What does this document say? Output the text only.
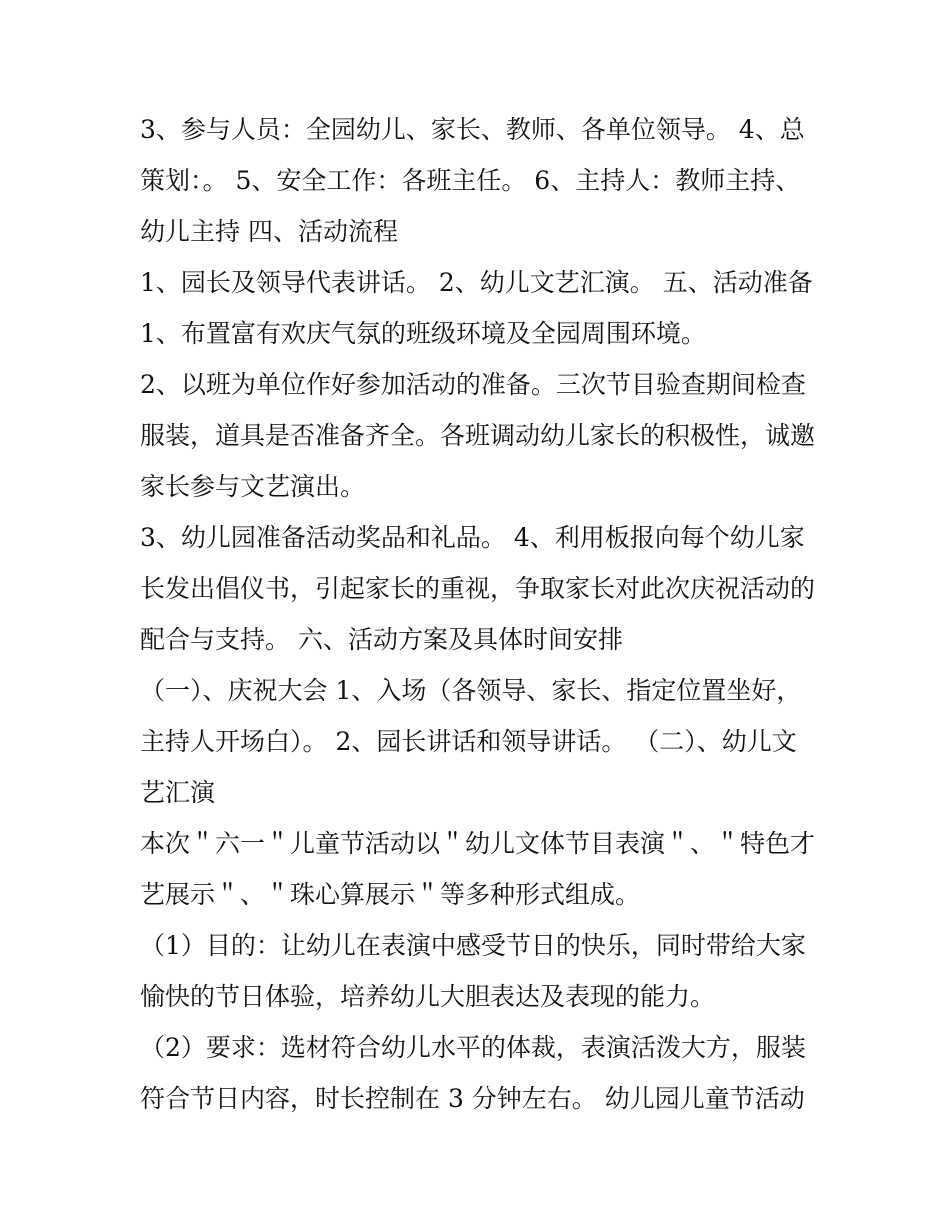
3、参与人员：全园幼儿、家长、教师、各单位领导。 4、总策划：。 5、安全工作：各班主任。 6、主持人：教师主持、幼儿主持 四、活动流程

1、园长及领导代表讲话。 2、幼儿文艺汇演。 五、活动准备

1、布置富有欢庆气氛的班级环境及全园周围环境。

2、以班为单位作好参加活动的准备。三次节目验查期间检查服装，道具是否准备齐全。各班调动幼儿家长的积极性，诚邀家长参与文艺演出。

3、幼儿园准备活动奖品和礼品。 4、利用板报向每个幼儿家长发出倡仪书，引起家长的重视，争取家长对此次庆祝活动的配合与支持。 六、活动方案及具体时间安排

（一）、庆祝大会 1、入场（各领导、家长、指定位置坐好，主持人开场白）。 2、园长讲话和领导讲话。 （二）、幼儿文艺汇演

本次＂六一＂儿童节活动以＂幼儿文体节目表演＂、＂特色才艺展示＂、＂珠心算展示＂等多种形式组成。

（1）目的：让幼儿在表演中感受节日的快乐，同时带给大家愉快的节日体验，培养幼儿大胆表达及表现的能力。

（2）要求：选材符合幼儿水平的体裁，表演活泼大方，服装符合节日内容，时长控制在 3 分钟左右。 幼儿园儿童节活动
